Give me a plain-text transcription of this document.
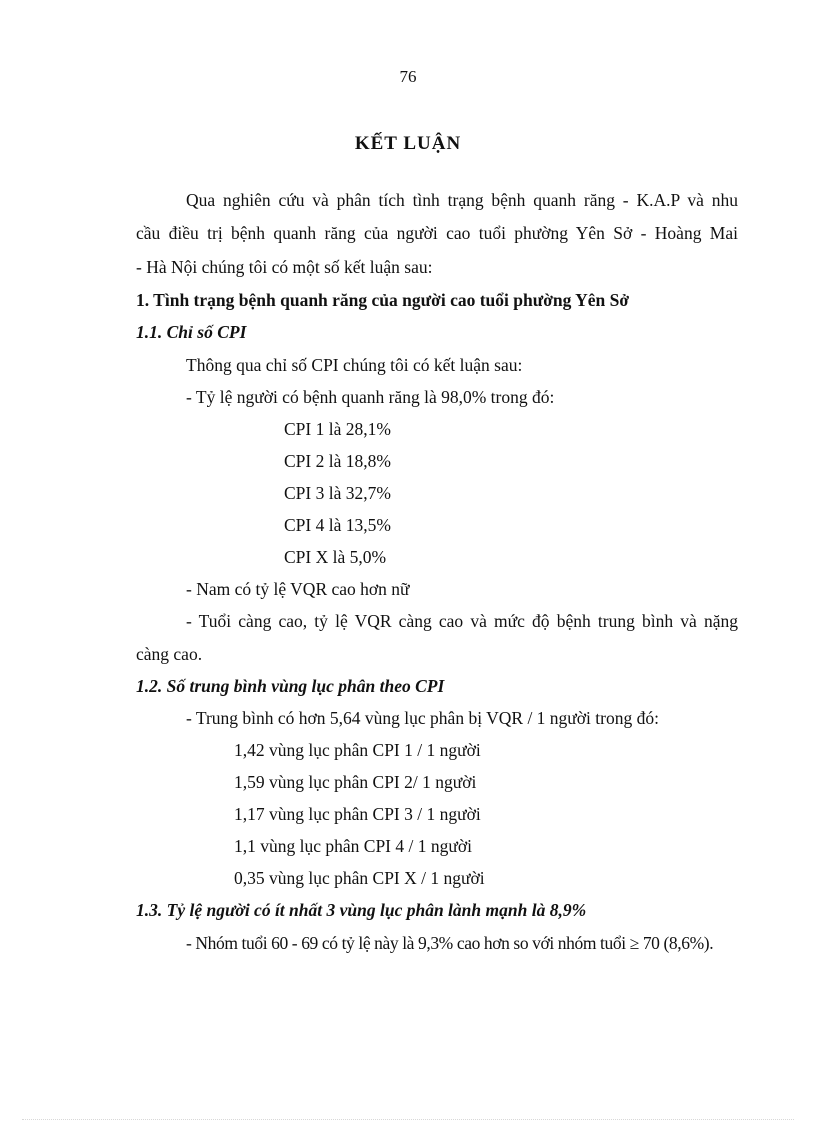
76
KẾT LUẬN
Qua nghiên cứu và phân tích tình trạng bệnh quanh răng - K.A.P và nhu
cầu điều trị bệnh quanh răng của người cao tuổi phường Yên Sở - Hoàng Mai
- Hà Nội chúng tôi có một số kết luận sau:
1. Tình trạng bệnh quanh răng của người cao tuổi phường Yên Sở
1.1. Chỉ số CPI
Thông qua chỉ số CPI chúng tôi có kết luận sau:
- Tỷ lệ người có bệnh quanh răng là 98,0% trong đó:
CPI 1 là 28,1%
CPI 2 là 18,8%
CPI 3 là 32,7%
CPI 4 là 13,5%
CPI X là 5,0%
- Nam có tỷ lệ VQR cao hơn nữ
- Tuổi càng cao, tỷ lệ VQR càng cao và mức độ bệnh trung bình và nặng
càng cao.
1.2. Số trung bình vùng lục phân theo CPI
- Trung bình có hơn 5,64 vùng lục phân bị VQR / 1 người trong đó:
1,42 vùng lục phân CPI 1 / 1 người
1,59 vùng lục phân CPI 2/ 1 người
1,17 vùng lục phân CPI 3 / 1 người
1,1 vùng lục phân CPI 4 / 1 người
0,35 vùng lục phân CPI X / 1 người
1.3. Tỷ lệ người có ít nhất 3 vùng lục phân lành mạnh là 8,9%
- Nhóm tuổi 60 - 69 có tỷ lệ này là 9,3% cao hơn so với nhóm tuổi ≥ 70 (8,6%).
